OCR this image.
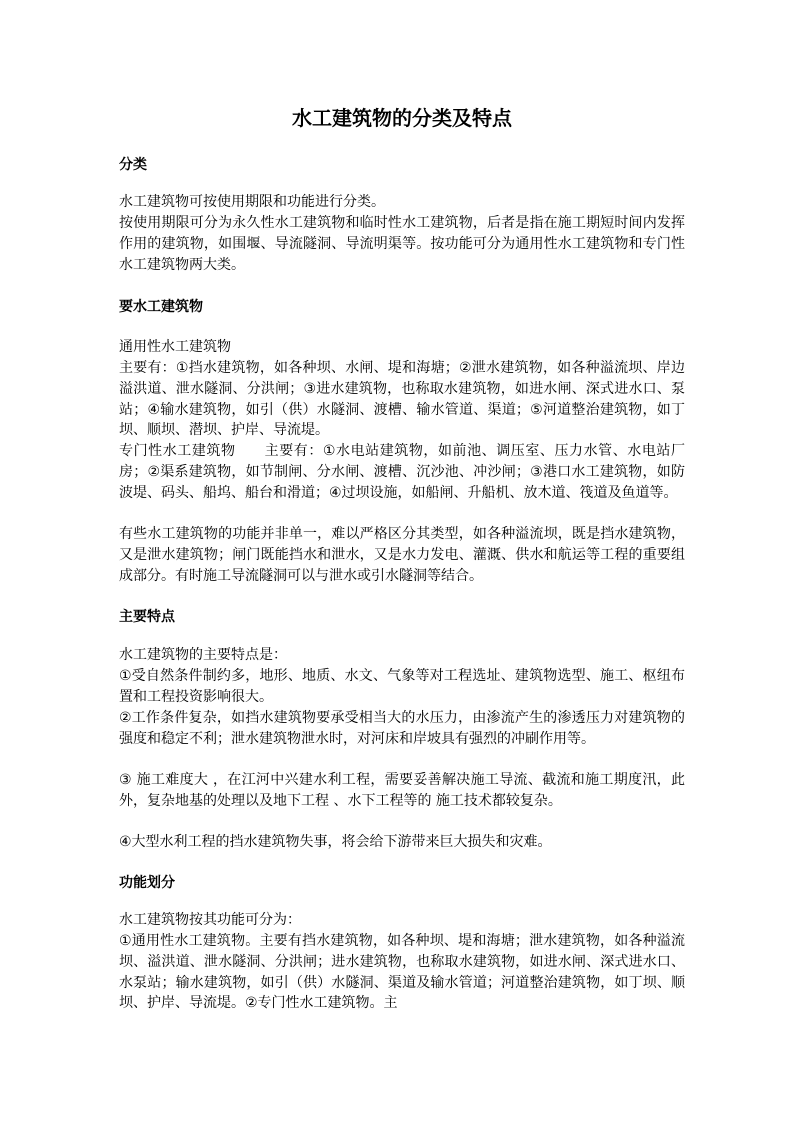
水工建筑物的分类及特点
分类

水工建筑物可按使用期限和功能进行分类。

按使用期限可分为永久性水工建筑物和临时性水工建筑物，后者是指在施工期短时间内发挥作用的建筑物，如围堰、导流隧洞、导流明渠等。按功能可分为通用性水工建筑物和专门性水工建筑物两大类。

要水工建筑物

通用性水工建筑物

主要有：①挡水建筑物，如各种坝、水闸、堤和海塘；②泄水建筑物，如各种溢流坝、岸边溢洪道、泄水隧洞、分洪闸；③进水建筑物，也称取水建筑物，如进水闸、深式进水口、泵站；④输水建筑物，如引（供）水隧洞、渡槽、输水管道、渠道；⑤河道整治建筑物，如丁坝、顺坝、潜坝、护岸、导流堤。

专门性水工建筑物　　主要有：①水电站建筑物，如前池、调压室、压力水管、水电站厂房；②渠系建筑物，如节制闸、分水闸、渡槽、沉沙池、冲沙闸；③港口水工建筑物，如防波堤、码头、船坞、船台和滑道；④过坝设施，如船闸、升船机、放木道、筏道及鱼道等。

有些水工建筑物的功能并非单一，难以严格区分其类型，如各种溢流坝，既是挡水建筑物，又是泄水建筑物；闸门既能挡水和泄水，又是水力发电、灌溉、供水和航运等工程的重要组成部分。有时施工导流隧洞可以与泄水或引水隧洞等结合。

主要特点

水工建筑物的主要特点是：

①受自然条件制约多，地形、地质、水文、气象等对工程选址、建筑物选型、施工、枢纽布置和工程投资影响很大。

②工作条件复杂，如挡水建筑物要承受相当大的水压力，由渗流产生的渗透压力对建筑物的强度和稳定不利；泄水建筑物泄水时，对河床和岸坡具有强烈的冲刷作用等。

③ 施工难度大 ，在江河中兴建水利工程，需要妥善解决施工导流、截流和施工期度汛，此外，复杂地基的处理以及地下工程 、水下工程等的 施工技术都较复杂。

④大型水利工程的挡水建筑物失事，将会给下游带来巨大损失和灾难。

功能划分

水工建筑物按其功能可分为：

①通用性水工建筑物。主要有挡水建筑物，如各种坝、堤和海塘；泄水建筑物，如各种溢流坝、溢洪道、泄水隧洞、分洪闸；进水建筑物，也称取水建筑物，如进水闸、深式进水口、水泵站；输水建筑物，如引（供）水隧洞、渠道及输水管道；河道整治建筑物，如丁坝、顺坝、护岸、导流堤。②专门性水工建筑物。主
